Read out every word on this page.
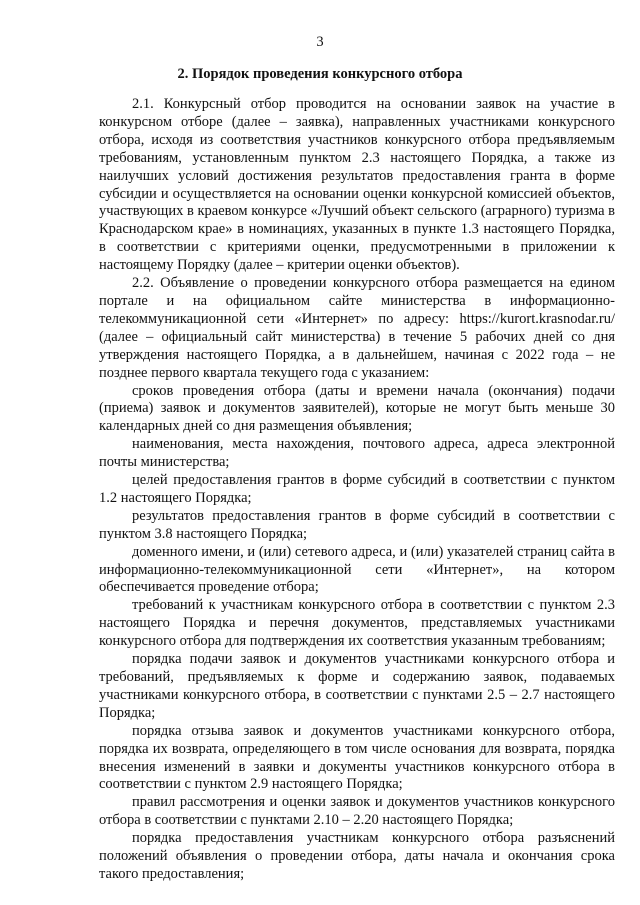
3
2. Порядок проведения конкурсного отбора

2.1. Конкурсный отбор проводится на основании заявок на участие в конкурсном отборе (далее – заявка), направленных участниками конкурсного отбора, исходя из соответствия участников конкурсного отбора предъявляемым требованиям, установленным пунктом 2.3 настоящего Порядка, а также из наилучших условий достижения результатов предоставления гранта в форме субсидии и осуществляется на основании оценки конкурсной комиссией объектов, участвующих в краевом конкурсе «Лучший объект сельского (аграрного) туризма в Краснодарском крае» в номинациях, указанных в пункте 1.3 настоящего Порядка, в соответствии с критериями оценки, предусмотренными в приложении к настоящему Порядку (далее – критерии оценки объектов).

2.2. Объявление о проведении конкурсного отбора размещается на едином портале и на официальном сайте министерства в информационно-телекоммуникационной сети «Интернет» по адресу: https://kurort.krasnodar.ru/ (далее – официальный сайт министерства) в течение 5 рабочих дней со дня утверждения настоящего Порядка, а в дальнейшем, начиная с 2022 года – не позднее первого квартала текущего года с указанием:

сроков проведения отбора (даты и времени начала (окончания) подачи (приема) заявок и документов заявителей), которые не могут быть меньше 30 календарных дней со дня размещения объявления;

наименования, места нахождения, почтового адреса, адреса электронной почты министерства;

целей предоставления грантов в форме субсидий в соответствии с пунктом 1.2 настоящего Порядка;

результатов предоставления грантов в форме субсидий в соответствии с пунктом 3.8 настоящего Порядка;

доменного имени, и (или) сетевого адреса, и (или) указателей страниц сайта в информационно-телекоммуникационной сети «Интернет», на котором обеспечивается проведение отбора;

требований к участникам конкурсного отбора в соответствии с пунктом 2.3 настоящего Порядка и перечня документов, представляемых участниками конкурсного отбора для подтверждения их соответствия указанным требованиям;

порядка подачи заявок и документов участниками конкурсного отбора и требований, предъявляемых к форме и содержанию заявок, подаваемых участниками конкурсного отбора, в соответствии с пунктами 2.5 – 2.7 настоящего Порядка;

порядка отзыва заявок и документов участниками конкурсного отбора, порядка их возврата, определяющего в том числе основания для возврата, порядка внесения изменений в заявки и документы участников конкурсного отбора в соответствии с пунктом 2.9 настоящего Порядка;

правил рассмотрения и оценки заявок и документов участников конкурсного отбора в соответствии с пунктами 2.10 – 2.20 настоящего Порядка;

порядка предоставления участникам конкурсного отбора разъяснений положений объявления о проведении отбора, даты начала и окончания срока такого предоставления;
